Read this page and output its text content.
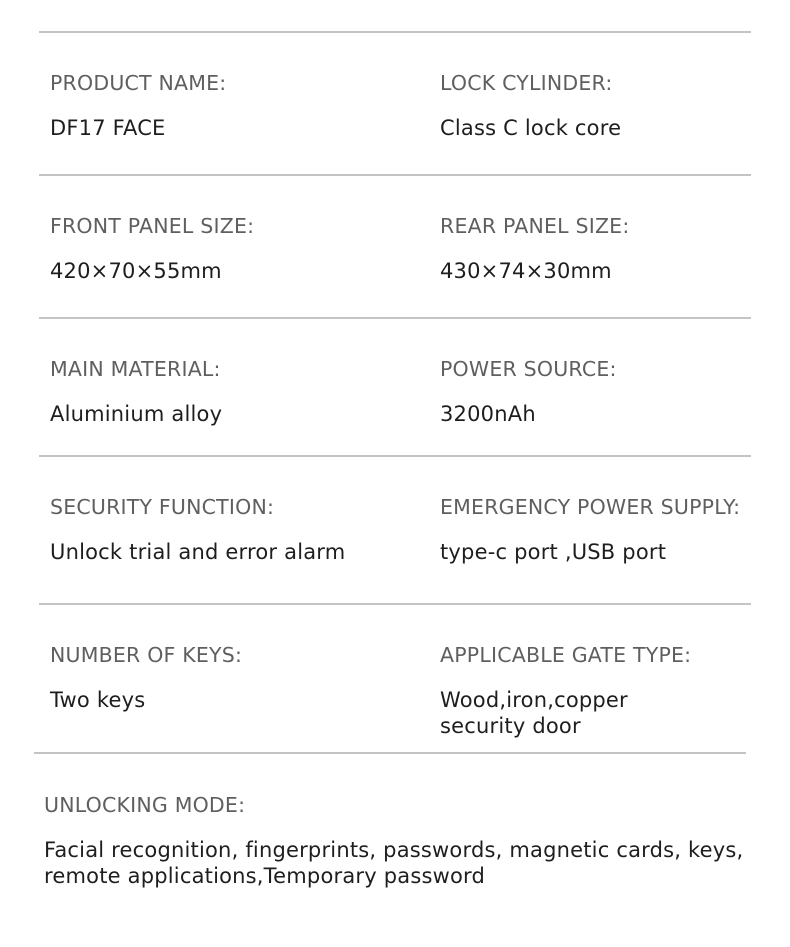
PRODUCT NAME:
DF17 FACE
LOCK CYLINDER:
Class C lock core
FRONT PANEL SIZE:
420×70×55mm
REAR PANEL SIZE:
430×74×30mm
MAIN MATERIAL:
Aluminium alloy
POWER SOURCE:
3200nAh
SECURITY FUNCTION:
Unlock trial and error alarm
EMERGENCY POWER SUPPLY:
type-c port ,USB port
NUMBER OF KEYS:
Two keys
APPLICABLE GATE TYPE:
Wood,iron,copper
security door
UNLOCKING MODE:
Facial recognition, fingerprints, passwords, magnetic cards, keys,
remote applications,Temporary password
